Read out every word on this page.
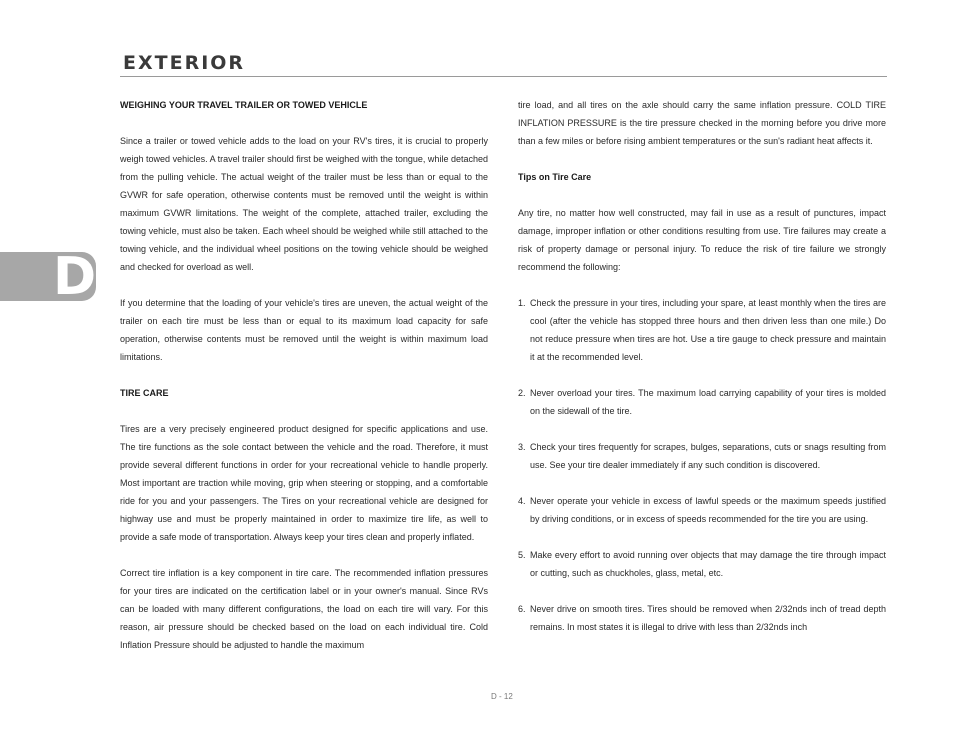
EXTERIOR
D
WEIGHING YOUR TRAVEL TRAILER OR TOWED VEHICLE

Since a trailer or towed vehicle adds to the load on your RV's tires, it is crucial to properly weigh towed vehicles. A travel trailer should first be weighed with the tongue, while detached from the pulling vehicle. The actual weight of the trailer must be less than or equal to the GVWR for safe operation, otherwise contents must be removed until the weight is within maximum GVWR limitations. The weight of the complete, attached trailer, excluding the towing vehicle, must also be taken. Each wheel should be weighed while still attached to the towing vehicle, and the individual wheel positions on the towing vehicle should be weighed and checked for overload as well.

If you determine that the loading of your vehicle's tires are uneven, the actual weight of the trailer on each tire must be less than or equal to its maximum load capacity for safe operation, otherwise contents must be removed until the weight is within maximum load limitations.

TIRE CARE

Tires are a very precisely engineered product designed for specific applications and use. The tire functions as the sole contact between the vehicle and the road. Therefore, it must provide several different functions in order for your recreational vehicle to handle properly. Most important are traction while moving, grip when steering or stopping, and a comfortable ride for you and your passengers. The Tires on your recreational vehicle are designed for highway use and must be properly maintained in order to maximize tire life, as well to provide a safe mode of transportation. Always keep your tires clean and properly inflated.

Correct tire inflation is a key component in tire care. The recommended inflation pressures for your tires are indicated on the certification label or in your owner's manual. Since RVs can be loaded with many different configurations, the load on each tire will vary. For this reason, air pressure should be checked based on the load on each individual tire. Cold Inflation Pressure should be adjusted to handle the maximum

tire load, and all tires on the axle should carry the same inflation pressure. COLD TIRE INFLATION PRESSURE is the tire pressure checked in the morning before you drive more than a few miles or before rising ambient temperatures or the sun's radiant heat affects it.

Tips on Tire Care

Any tire, no matter how well constructed, may fail in use as a result of punctures, impact damage, improper inflation or other conditions resulting from use. Tire failures may create a risk of property damage or personal injury. To reduce the risk of tire failure we strongly recommend the following:

1. Check the pressure in your tires, including your spare, at least monthly when the tires are cool (after the vehicle has stopped three hours and then driven less than one mile.) Do not reduce pressure when tires are hot. Use a tire gauge to check pressure and maintain it at the recommended level.
2. Never overload your tires. The maximum load carrying capability of your tires is molded on the sidewall of the tire.
3. Check your tires frequently for scrapes, bulges, separations, cuts or snags resulting from use. See your tire dealer immediately if any such condition is discovered.
4. Never operate your vehicle in excess of lawful speeds or the maximum speeds justified by driving conditions, or in excess of speeds recommended for the tire you are using.
5. Make every effort to avoid running over objects that may damage the tire through impact or cutting, such as chuckholes, glass, metal, etc.
6. Never drive on smooth tires. Tires should be removed when 2/32nds inch of tread depth remains. In most states it is illegal to drive with less than 2/32nds inch
D - 12
